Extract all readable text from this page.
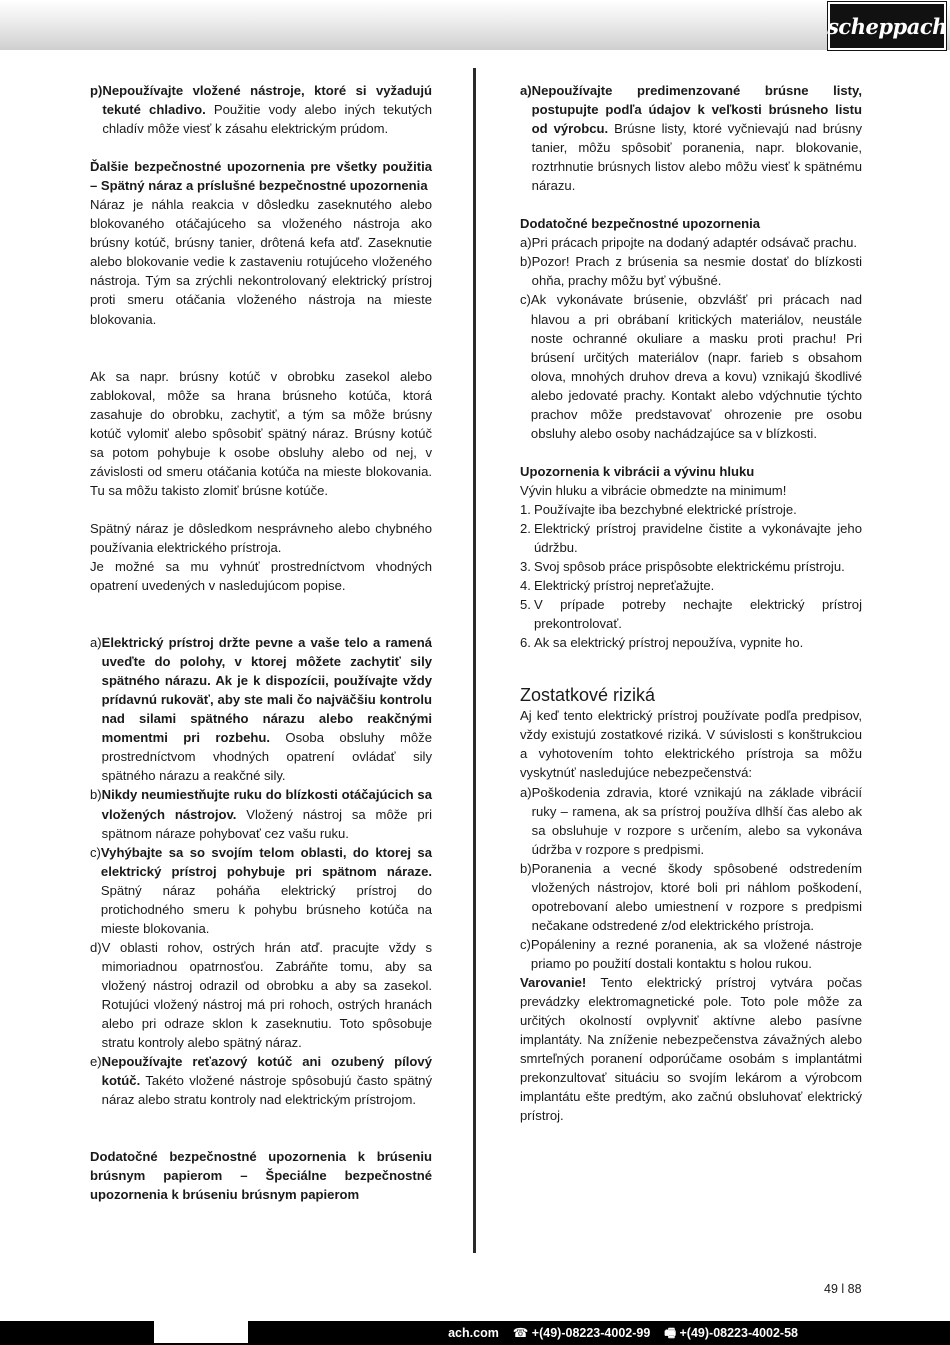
scheppach
p) Nepoužívajte vložené nástroje, ktoré si vyžadujú tekuté chladivo. Použitie vody alebo iných tekutých chladív môže viesť k zásahu elektrickým prúdom.

Ďalšie bezpečnostné upozornenia pre všetky použitia – Spätný náraz a príslušné bezpečnostné upozornenia

Náraz je náhla reakcia v dôsledku zaseknutého alebo blokovaného otáčajúceho sa vloženého nástroja ako brúsny kotúč, brúsny tanier, drôtená kefa atď. Zaseknutie alebo blokovanie vedie k zastaveniu rotujúceho vloženého nástroja. Tým sa zrýchli nekontrolovaný elektrický prístroj proti smeru otáčania vloženého nástroja na mieste blokovania.

Ak sa napr. brúsny kotúč v obrobku zasekol alebo zablokoval, môže sa hrana brúsneho kotúča, ktorá zasahuje do obrobku, zachytiť, a tým sa môže brúsny kotúč vylomiť alebo spôsobiť spätný náraz. Brúsny kotúč sa potom pohybuje k osobe obsluhy alebo od nej, v závislosti od smeru otáčania kotúča na mieste blokovania. Tu sa môžu takisto zlomiť brúsne kotúče.

Spätný náraz je dôsledkom nesprávneho alebo chybného používania elektrického prístroja.

Je možné sa mu vyhnúť prostredníctvom vhodných opatrení uvedených v nasledujúcom popise.

a) Elektrický prístroj držte pevne a vaše telo a ramená uveďte do polohy, v ktorej môžete zachytiť sily spätného nárazu. Ak je k dispozícii, používajte vždy prídavnú rukoväť, aby ste mali čo najväčšiu kontrolu nad silami spätného nárazu alebo reakčnými momentmi pri rozbehu. Osoba obsluhy môže prostredníctvom vhodných opatrení ovládať sily spätného nárazu a reakčné sily.

b) Nikdy neumiestňujte ruku do blízkosti otáčajúcich sa vložených nástrojov. Vložený nástroj sa môže pri spätnom náraze pohybovať cez vašu ruku.

c) Vyhýbajte sa so svojím telom oblasti, do ktorej sa elektrický prístroj pohybuje pri spätnom náraze. Spätný náraz poháňa elektrický prístroj do protichodného smeru k pohybu brúsneho kotúča na mieste blokovania.

d) V oblasti rohov, ostrých hrán atď. pracujte vždy s mimoriadnou opatrnosťou. Zabráňte tomu, aby sa vložený nástroj odrazil od obrobku a aby sa zasekol. Rotujúci vložený nástroj má pri rohoch, ostrých hranách alebo pri odraze sklon k zaseknutiu. Toto spôsobuje stratu kontroly alebo spätný náraz.

e) Nepoužívajte reťazový kotúč ani ozubený pílový kotúč. Takéto vložené nástroje spôsobujú často spätný náraz alebo stratu kontroly nad elektrickým prístrojom.

Dodatočné bezpečnostné upozornenia k brúseniu brúsnym papierom – Špeciálne bezpečnostné upozornenia k brúseniu brúsnym papierom

a) Nepoužívajte predimenzované brúsne listy, postupujte podľa údajov k veľkosti brúsneho listu od výrobcu. Brúsne listy, ktoré vyčnievajú nad brúsny tanier, môžu spôsobiť poranenia, napr. blokovanie, roztrhnutie brúsnych listov alebo môžu viesť k spätnému nárazu.

Dodatočné bezpečnostné upozornenia

a) Pri prácach pripojte na dodaný adaptér odsávač prachu.

b) Pozor! Prach z brúsenia sa nesmie dostať do blízkosti ohňa, prachy môžu byť výbušné.

c) Ak vykonávate brúsenie, obzvlášť pri prácach nad hlavou a pri obrábaní kritických materiálov, neustále noste ochranné okuliare a masku proti prachu! Pri brúsení určitých materiálov (napr. farieb s obsahom olova, mnohých druhov dreva a kovu) vznikajú škodlivé alebo jedovaté prachy. Kontakt alebo vdýchnutie týchto prachov môže predstavovať ohrozenie pre osobu obsluhy alebo osoby nachádzajúce sa v blízkosti.

Upozornenia k vibrácii a vývinu hluku

Vývin hluku a vibrácie obmedzte na minimum!

1. Používajte iba bezchybné elektrické prístroje.

2. Elektrický prístroj pravidelne čistite a vykonávajte jeho údržbu.

3. Svoj spôsob práce prispôsobte elektrickému prístroju.

4. Elektrický prístroj nepreťažujte.

5. V prípade potreby nechajte elektrický prístroj prekontrolovať.

6. Ak sa elektrický prístroj nepoužíva, vypnite ho.

Zostatkové riziká

Aj keď tento elektrický prístroj používate podľa predpisov, vždy existujú zostatkové riziká. V súvislosti s konštrukciou a vyhotovením tohto elektrického prístroja sa môžu vyskytnúť nasledujúce nebezpečenstvá:

a) Poškodenia zdravia, ktoré vznikajú na základe vibrácií ruky – ramena, ak sa prístroj používa dlhší čas alebo ak sa obsluhuje v rozpore s určením, alebo sa vykonáva údržba v rozpore s predpismi.

b) Poranenia a vecné škody spôsobené odstredením vložených nástrojov, ktoré boli pri náhlom poškodení, opotrebovaní alebo umiestnení v rozpore s predpismi nečakane odstredené z/od elektrického prístroja.

c) Popáleniny a rezné poranenia, ak sa vložené nástroje priamo po použití dostali kontaktu s holou rukou.

Varovanie! Tento elektrický prístroj vytvára počas prevádzky elektromagnetické pole. Toto pole môže za určitých okolností ovplyvniť aktívne alebo pasívne implantáty. Na zníženie nebezpečenstva závažných alebo smrteľných poranení odporúčame osobám s implantátmi prekonzultovať situáciu so svojím lekárom a výrobcom implantátu ešte predtým, ako začnú obsluhovať elektrický prístroj.

49 l 88
ach.com ☎ +(49)-08223-4002-99 🖷 +(49)-08223-4002-58
